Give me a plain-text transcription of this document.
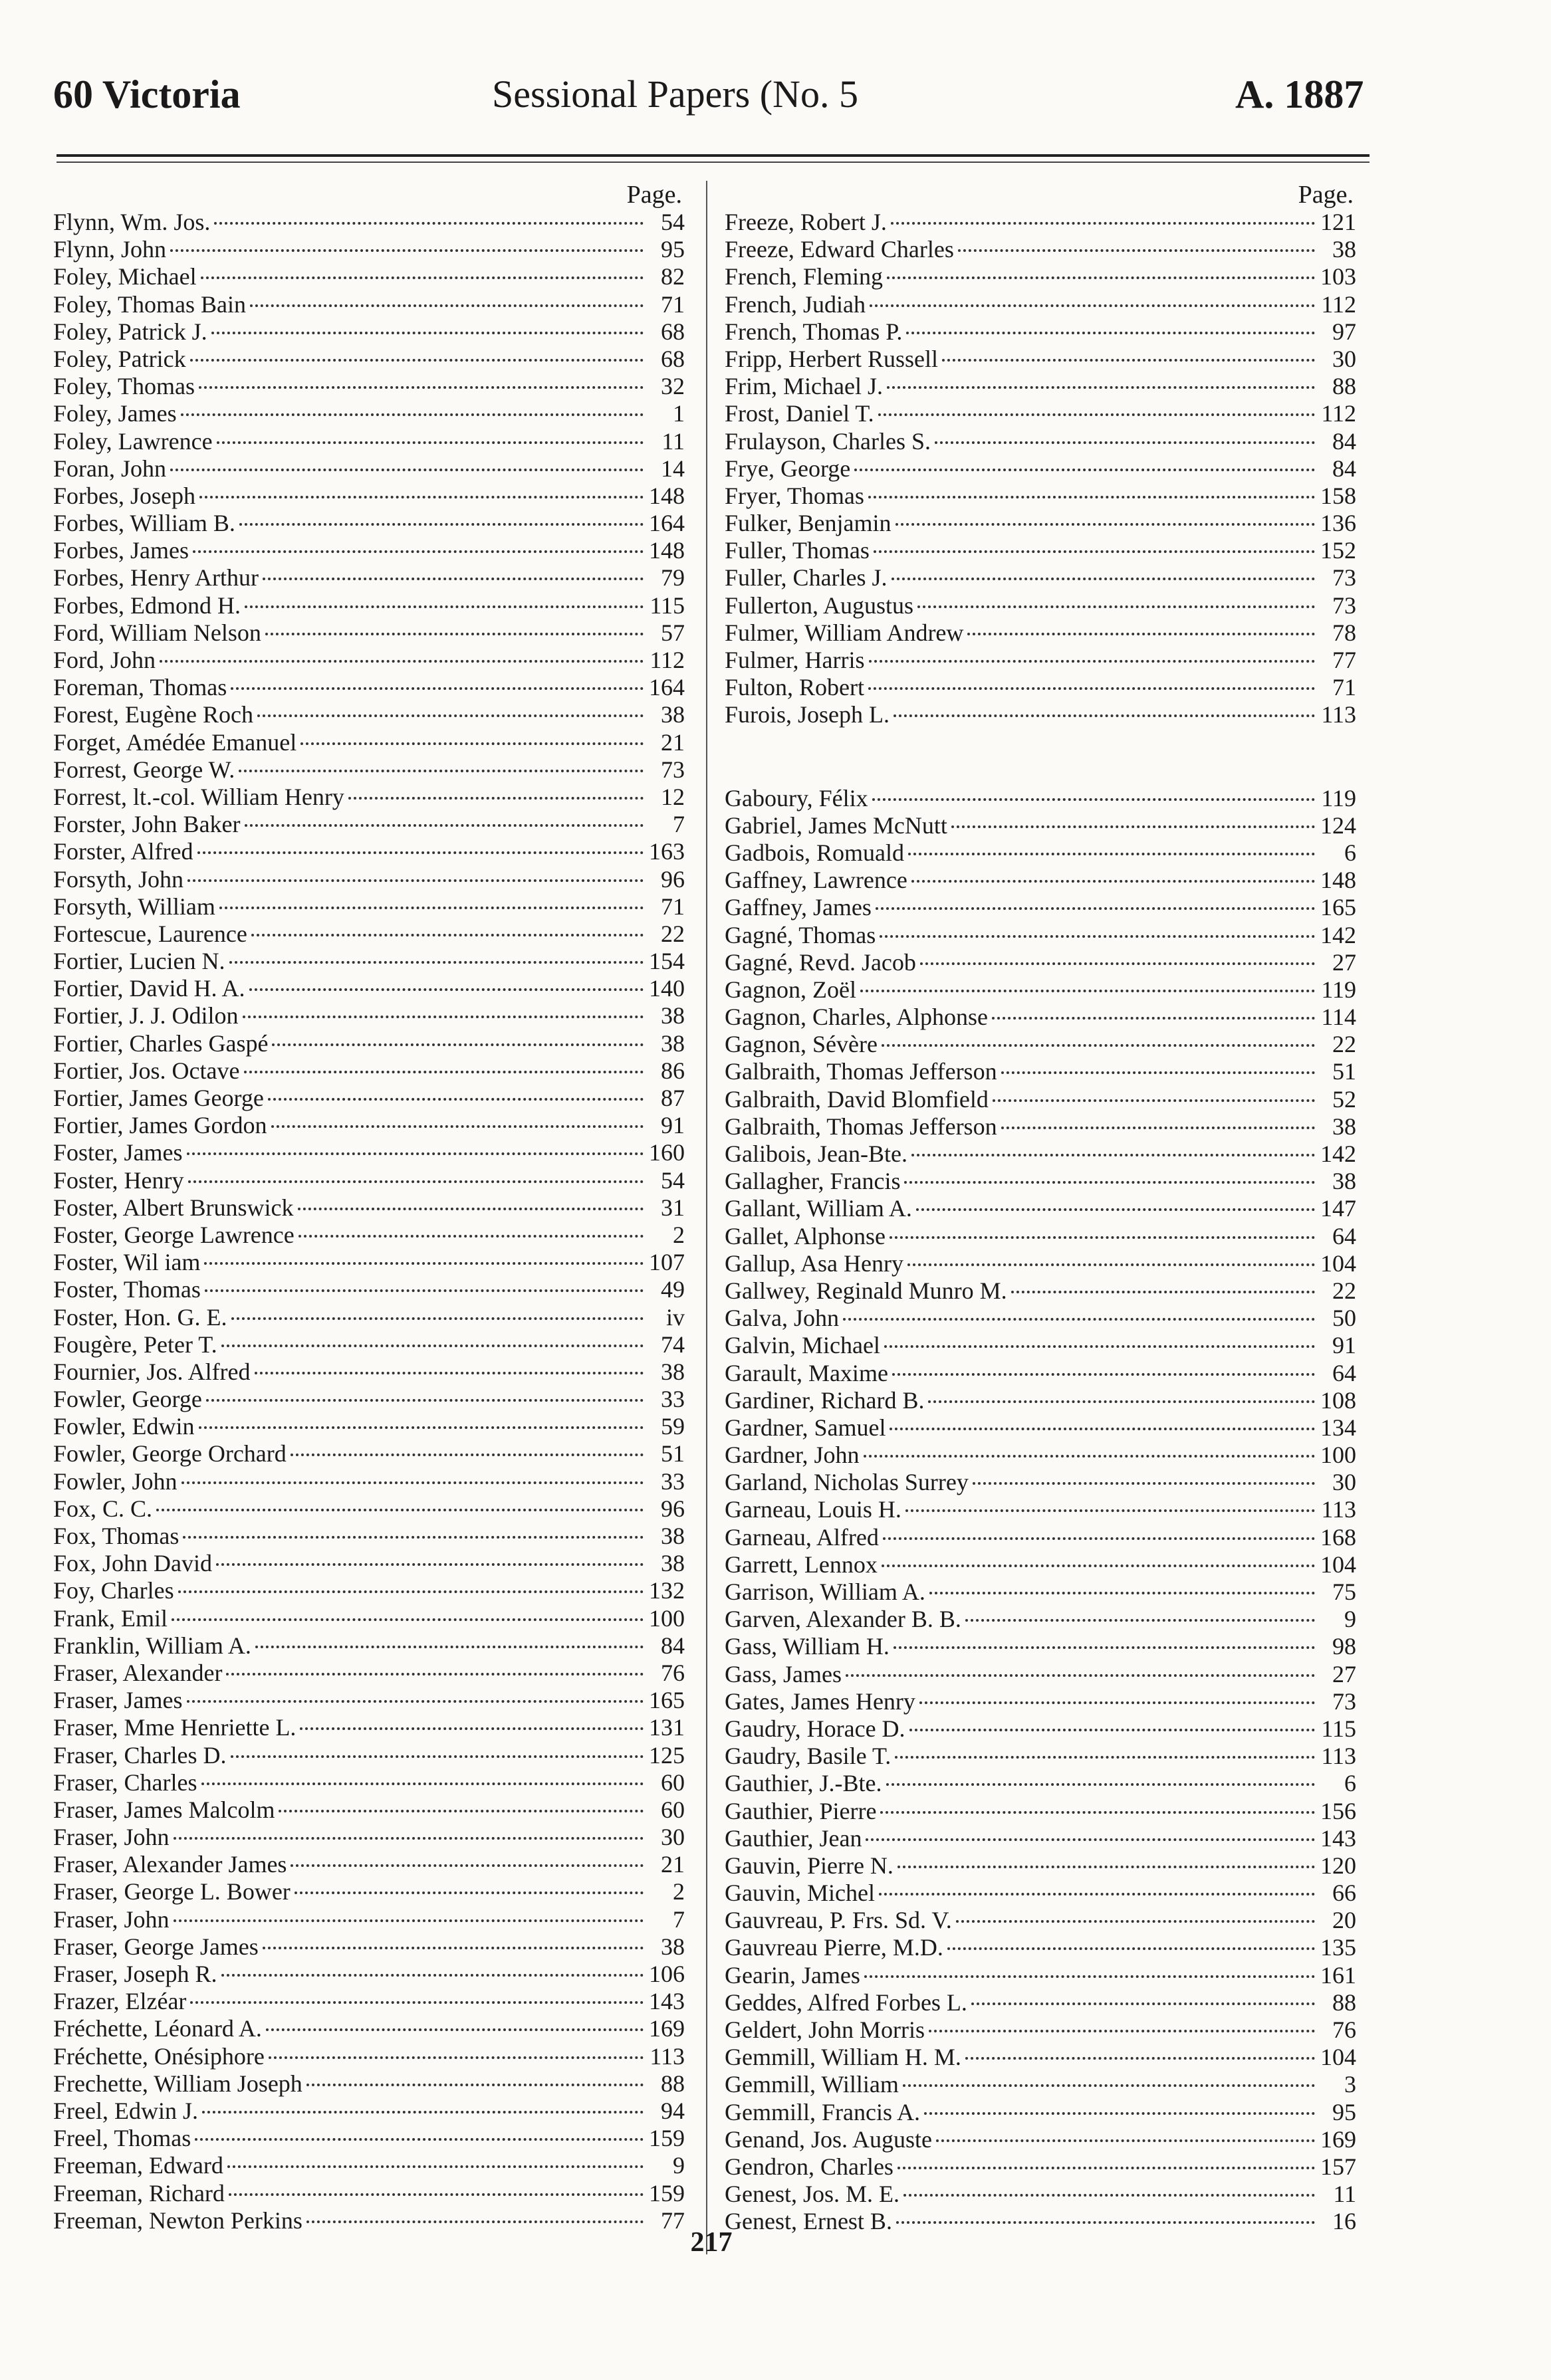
60 Victoria	Sessional Papers (No. 5	A. 1887
Page.
Flynn, Wm. Jos.	54
Flynn, John	95
Foley, Michael	82
Foley, Thomas Bain	71
Foley, Patrick J.	68
Foley, Patrick	68
Foley, Thomas	32
Foley, James	1
Foley, Lawrence	11
Foran, John	14
Forbes, Joseph	148
Forbes, William B.	164
Forbes, James	148
Forbes, Henry Arthur	79
Forbes, Edmond H.	115
Ford, William Nelson	57
Ford, John	112
Foreman, Thomas	164
Forest, Eugène Roch	38
Forget, Amédée Emanuel	21
Forrest, George W.	73
Forrest, lt.-col. William Henry	12
Forster, John Baker	7
Forster, Alfred	163
Forsyth, John	96
Forsyth, William	71
Fortescue, Laurence	22
Fortier, Lucien N.	154
Fortier, David H. A.	140
Fortier, J. J. Odilon	38
Fortier, Charles Gaspé	38
Fortier, Jos. Octave	86
Fortier, James George	87
Fortier, James Gordon	91
Foster, James	160
Foster, Henry	54
Foster, Albert Brunswick	31
Foster, George Lawrence	2
Foster, Wil iam	107
Foster, Thomas	49
Foster, Hon. G. E.	iv
Fougère, Peter T.	74
Fournier, Jos. Alfred	38
Fowler, George	33
Fowler, Edwin	59
Fowler, George Orchard	51
Fowler, John	33
Fox, C. C.	96
Fox, Thomas	38
Fox, John David	38
Foy, Charles	132
Frank, Emil	100
Franklin, William A.	84
Fraser, Alexander	76
Fraser, James	165
Fraser, Mme Henriette L.	131
Fraser, Charles D.	125
Fraser, Charles	60
Fraser, James Malcolm	60
Fraser, John	30
Fraser, Alexander James	21
Fraser, George L. Bower	2
Fraser, John	7
Fraser, George James	38
Fraser, Joseph R.	106
Frazer, Elzéar	143
Fréchette, Léonard A.	169
Fréchette, Onésiphore	113
Frechette, William Joseph	88
Freel, Edwin J.	94
Freel, Thomas	159
Freeman, Edward	9
Freeman, Richard	159
Freeman, Newton Perkins	77
Page.
Freeze, Robert J.	121
Freeze, Edward Charles	38
French, Fleming	103
French, Judiah	112
French, Thomas P.	97
Fripp, Herbert Russell	30
Frim, Michael J.	88
Frost, Daniel T.	112
Frulayson, Charles S.	84
Frye, George	84
Fryer, Thomas	158
Fulker, Benjamin	136
Fuller, Thomas	152
Fuller, Charles J.	73
Fullerton, Augustus	73
Fulmer, William Andrew	78
Fulmer, Harris	77
Fulton, Robert	71
Furois, Joseph L.	113
Gaboury, Félix	119
Gabriel, James McNutt	124
Gadbois, Romuald	6
Gaffney, Lawrence	148
Gaffney, James	165
Gagné, Thomas	142
Gagné, Revd. Jacob	27
Gagnon, Zoël	119
Gagnon, Charles, Alphonse	114
Gagnon, Sévère	22
Galbraith, Thomas Jefferson	51
Galbraith, David Blomfield	52
Galbraith, Thomas Jefferson	38
Galibois, Jean-Bte.	142
Gallagher, Francis	38
Gallant, William A.	147
Gallet, Alphonse	64
Gallup, Asa Henry	104
Gallwey, Reginald Munro M.	22
Galva, John	50
Galvin, Michael	91
Garault, Maxime	64
Gardiner, Richard B.	108
Gardner, Samuel	134
Gardner, John	100
Garland, Nicholas Surrey	30
Garneau, Louis H.	113
Garneau, Alfred	168
Garrett, Lennox	104
Garrison, William A.	75
Garven, Alexander B. B.	9
Gass, William H.	98
Gass, James	27
Gates, James Henry	73
Gaudry, Horace D.	115
Gaudry, Basile T.	113
Gauthier, J.-Bte.	6
Gauthier, Pierre	156
Gauthier, Jean	143
Gauvin, Pierre N.	120
Gauvin, Michel	66
Gauvreau, P. Frs. Sd. V.	20
Gauvreau Pierre, M.D.	135
Gearin, James	161
Geddes, Alfred Forbes L.	88
Geldert, John Morris	76
Gemmill, William H. M.	104
Gemmill, William	3
Gemmill, Francis A.	95
Genand, Jos. Auguste	169
Gendron, Charles	157
Genest, Jos. M. E.	11
Genest, Ernest B.	16
217
